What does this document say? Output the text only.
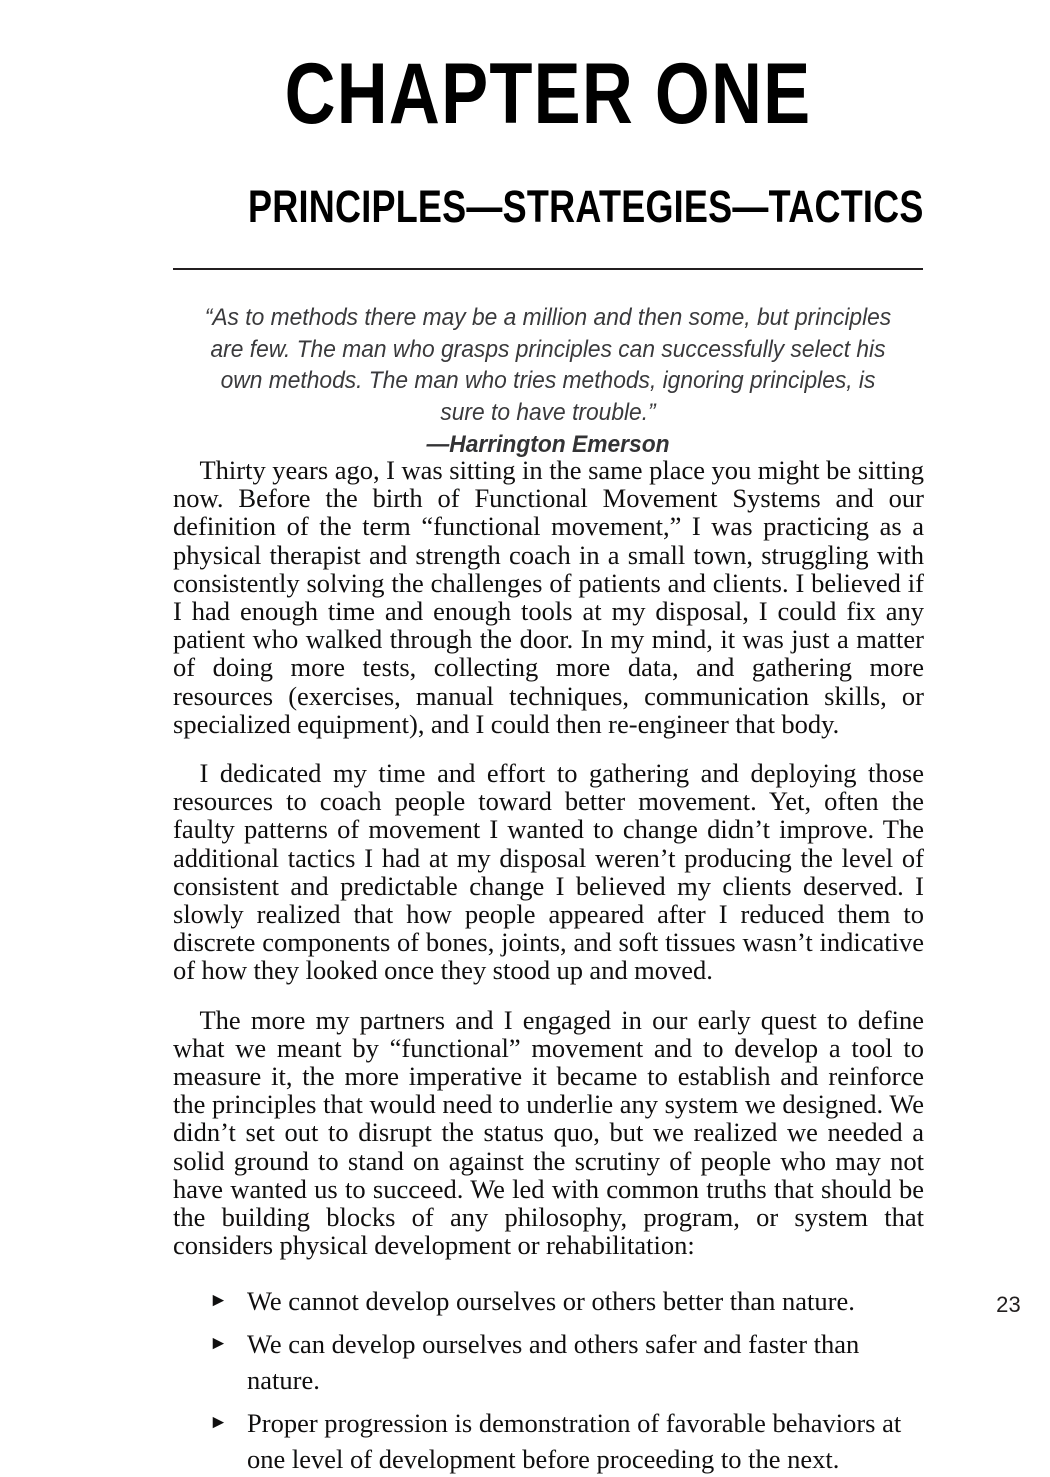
CHAPTER ONE
PRINCIPLES—STRATEGIES—TACTICS

“As to methods there may be a million and then some, but principles are few. The man who grasps principles can successfully select his own methods. The man who tries methods, ignoring principles, is sure to have trouble.”

—Harrington Emerson

Thirty years ago, I was sitting in the same place you might be sitting now. Before the birth of Functional Movement Systems and our definition of the term “functional movement,” I was practicing as a physical therapist and strength coach in a small town, struggling with consistently solving the challenges of patients and clients. I believed if I had enough time and enough tools at my disposal, I could fix any patient who walked through the door. In my mind, it was just a matter of doing more tests, collecting more data, and gathering more resources (exercises, manual techniques, communication skills, or specialized equipment), and I could then re-engineer that body.

I dedicated my time and effort to gathering and deploying those resources to coach people toward better movement. Yet, often the faulty patterns of movement I wanted to change didn’t improve. The additional tactics I had at my disposal weren’t producing the level of consistent and predictable change I believed my clients deserved. I slowly realized that how people appeared after I reduced them to discrete components of bones, joints, and soft tissues wasn’t indicative of how they looked once they stood up and moved.

The more my partners and I engaged in our early quest to define what we meant by “functional” movement and to develop a tool to measure it, the more imperative it became to establish and reinforce the principles that would need to underlie any system we designed. We didn’t set out to disrupt the status quo, but we realized we needed a solid ground to stand on against the scrutiny of people who may not have wanted us to succeed. We led with common truths that should be the building blocks of any philosophy, program, or system that considers physical development or rehabilitation:

► We cannot develop ourselves or others better than nature.
► We can develop ourselves and others safer and faster than nature.
► Proper progression is demonstration of favorable behaviors at one level of development before proceeding to the next.
23
